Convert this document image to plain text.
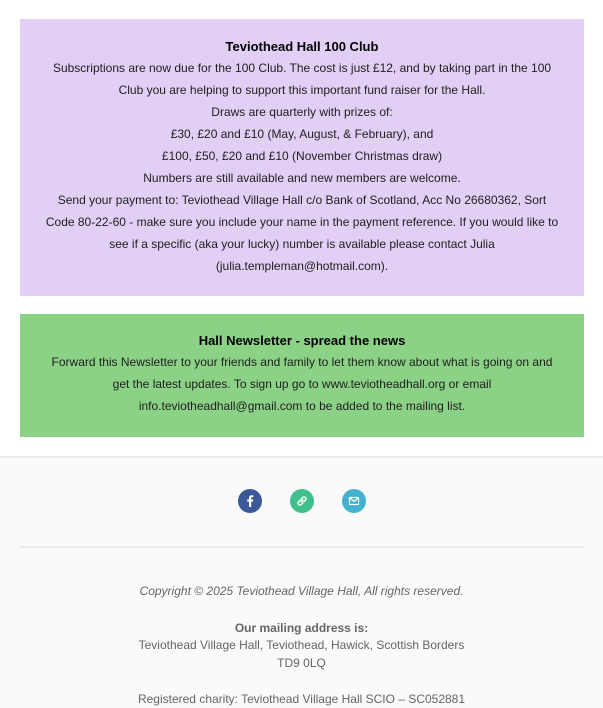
Teviothead Hall 100 Club

Subscriptions are now due for the 100 Club. The cost is just £12, and by taking part in the 100 Club you are helping to support this important fund raiser for the Hall.

Draws are quarterly with prizes of:

£30, £20 and £10 (May, August, & February), and

£100, £50, £20 and £10 (November Christmas draw)

Numbers are still available and new members are welcome.

Send your payment to: Teviothead Village Hall c/o Bank of Scotland, Acc No 26680362, Sort Code 80-22-60 - make sure you include your name in the payment reference. If you would like to see if a specific (aka your lucky) number is available please contact Julia (julia.templeman@hotmail.com).

Hall Newsletter - spread the news

Forward this Newsletter to your friends and family to let them know about what is going on and get the latest updates. To sign up go to www.teviotheadhall.org or email info.teviotheadhall@gmail.com to be added to the mailing list.

Copyright © 2025 Teviothead Village Hall, All rights reserved.
Our mailing address is:
Teviothead Village Hall, Teviothead, Hawick, Scottish Borders
TD9 0LQ
Registered charity: Teviothead Village Hall SCIO – SC052881
